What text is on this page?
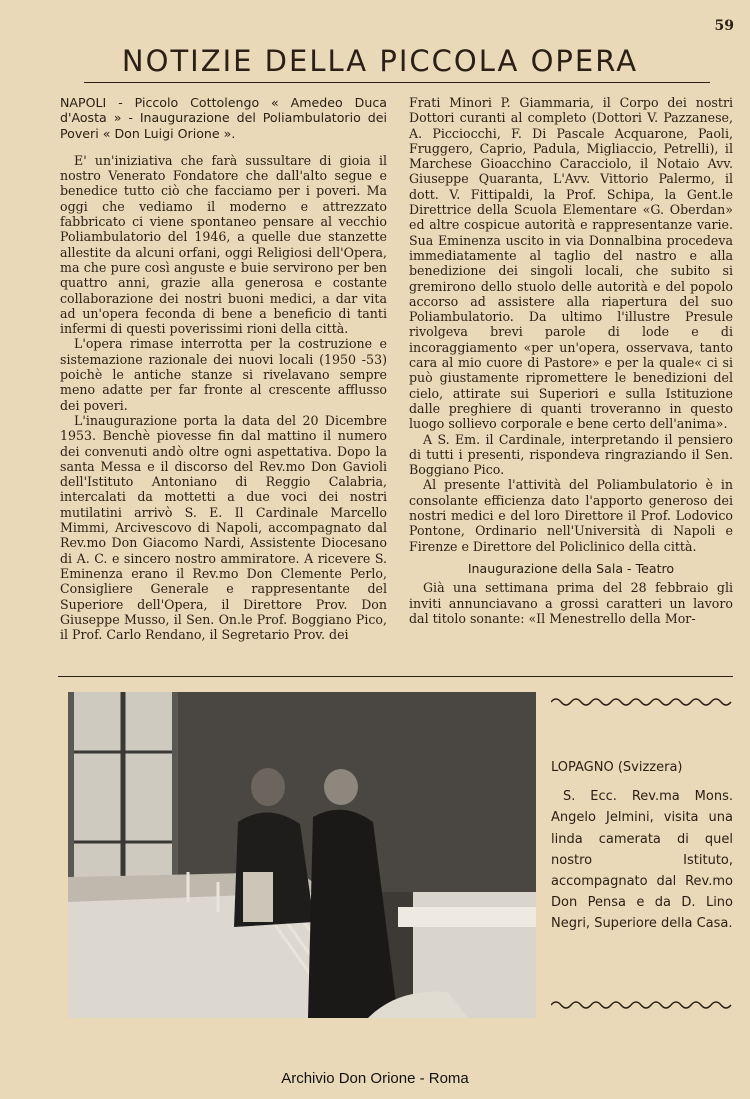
59
NOTIZIE DELLA PICCOLA OPERA
NAPOLI - Piccolo Cottolengo « Amedeo Duca d'Aosta » - Inaugurazione del Poliambulatorio dei Poveri « Don Luigi Orione ».

E' un'iniziativa che farà sussultare di gioia il nostro Venerato Fondatore che dall'alto segue e benedice tutto ciò che facciamo per i poveri. Ma oggi che vediamo il moderno e attrezzato fabbricato ci viene spontaneo pensare al vecchio Poliambulatorio del 1946, a quelle due stanzette allestite da alcuni orfani, oggi Religiosi dell'Opera, ma che pure così anguste e buie servirono per ben quattro anni, grazie alla generosa e costante collaborazione dei nostri buoni medici, a dar vita ad un'opera feconda di bene a beneficio di tanti infermi di questi poverissimi rioni della città.

L'opera rimase interrotta per la costruzione e sistemazione razionale dei nuovi locali (1950 -53) poichè le antiche stanze si rivelavano sempre meno adatte per far fronte al crescente afflusso dei poveri.

L'inaugurazione porta la data del 20 Dicembre 1953. Benchè piovesse fin dal mattino il numero dei convenuti andò oltre ogni aspettativa. Dopo la santa Messa e il discorso del Rev.mo Don Gavioli dell'Istituto Antoniano di Reggio Calabria, intercalati da mottetti a due voci dei nostri mutilatini arrivò S. E. Il Cardinale Marcello Mimmi, Arcivescovo di Napoli, accompagnato dal Rev.mo Don Giacomo Nardi, Assistente Diocesano di A. C. e sincero nostro ammiratore. A ricevere S. Eminenza erano il Rev.mo Don Clemente Perlo, Consigliere Generale e rappresentante del Superiore dell'Opera, il Direttore Prov. Don Giuseppe Musso, il Sen. On.le Prof. Boggiano Pico, il Prof. Carlo Rendano, il Segretario Prov. dei

Frati Minori P. Giammaria, il Corpo dei nostri Dottori curanti al completo (Dottori V. Pazzanese, A. Picciocchi, F. Di Pascale Acquarone, Paoli, Fruggero, Caprio, Padula, Migliaccio, Petrelli), il Marchese Gioacchino Caracciolo, il Notaio Avv. Giuseppe Quaranta, L'Avv. Vittorio Palermo, il dott. V. Fittipaldi, la Prof. Schipa, la Gent.le Direttrice della Scuola Elementare «G. Oberdan» ed altre cospicue autorità e rappresentanze varie. Sua Eminenza uscito in via Donnalbina procedeva immediatamente al taglio del nastro e alla benedizione dei singoli locali, che subito si gremirono dello stuolo delle autorità e del popolo accorso ad assistere alla riapertura del suo Poliambulatorio. Da ultimo l'illustre Presule rivolgeva brevi parole di lode e di incoraggiamento «per un'opera, osservava, tanto cara al mio cuore di Pastore» e per la quale« ci si può giustamente ripromettere le benedizioni del cielo, attirate sui Superiori e sulla Istituzione dalle preghiere di quanti troveranno in questo luogo sollievo corporale e bene certo dell'anima».

A S. Em. il Cardinale, interpretando il pensiero di tutti i presenti, rispondeva ringraziando il Sen. Boggiano Pico.

Al presente l'attività del Poliambulatorio è in consolante efficienza dato l'apporto generoso dei nostri medici e del loro Direttore il Prof. Lodovico Pontone, Ordinario nell'Università di Napoli e Firenze e Direttore del Policlinico della città.

Inaugurazione della Sala - Teatro

Già una settimana prima del 28 febbraio gli inviti annunciavano a grossi caratteri un lavoro dal titolo sonante: «Il Menestrello della Mor-

LOPAGNO (Svizzera)
S. Ecc. Rev.ma Mons. Angelo Jelmini, visita una linda camerata di quel nostro Istituto, accompagnato dal Rev.mo Don Pensa e da D. Lino Negri, Superiore della Casa.
Archivio Don Orione - Roma
